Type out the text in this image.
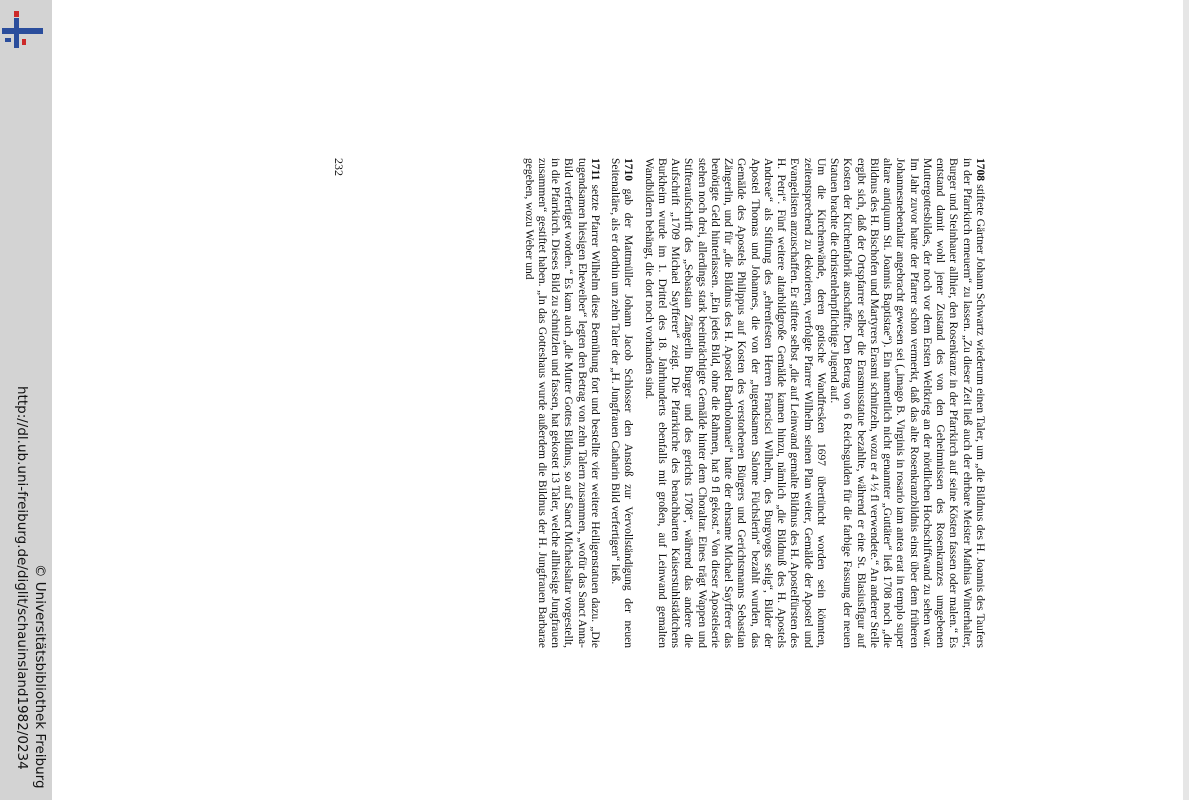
http://dl.ub.uni-freiburg.de/diglit/schauinsland1982/0234 © Universitätsbibliothek Freiburg

1708 stiftete Gärtner Johann Schwartz wiederum einen Taler, um „die Bildnus des H. Joannis des Taufers in der Pfarrkirch erneuern“ zu lassen. „Zu dieser Zeit ließ auch der ehrbare Meister Mathias Winterhalter, Burger und Steinhauer allhier, den Rosenkranz in der Pfarrkirch auf seine Kösten fassen oder malen.“ Es entstand damit wohl jener Zustand des von den Geheimnissen des Rosenkranzes umgebenen Muttergottesbildes, der noch vor dem Ersten Weltkrieg an der nördlichen Hochschiffwand zu sehen war. Im Jahr zuvor hatte der Pfarrer schon vermerkt, daß das alte Rosenkranzbildnis einst über dem früheren Johannesnebenaltar angebracht gewesen sei („imago B. Virginis in rosario iam antea erat in templo super altare antiquum Sti. Joannis Baptistae“). Ein namentlich nicht genannter „Guttäter“ ließ 1708 noch „die Bildnus des H. Bischofen und Martyrers Erasmi schnitzeln, wozu er 4 ½ fl verwendete.“ An anderer Stelle ergibt sich, daß der Ortspfarrer selber die Erasmusstatue bezahlte, während er eine St. Blasiusfigur auf Kosten der Kirchenfabrik anschaffte. Den Betrag von 6 Reichsgulden für die farbige Fassung der neuen Statuen brachte die christenlehrpflichtige Jugend auf.

Um die Kirchenwände, deren gotische Wandfresken 1697 übertüncht worden sein könnten, zeitentsprechend zu dekorieren, verfolgte Pfarrer Wilhelm seinen Plan weiter, Gemälde der Apostel und Evangelisten anzuschaffen. Er stiftete selbst „die auf Leinwand gemalte Bildnus des H. Apostelfürsten des H. Petri“. Fünf weitere altarbildgroße Gemälde kamen hinzu, nämlich „die Bildnuß des H. Apostels Andreae“ als Stiftung des „ehrenfesten Herren Francisci Wilhelm, des Burgvogts selig“, Bilder der Apostel Thomas und Johannes, die von der „tugendsamen Salome Füchslerin“ bezahlt wurden, das Gemälde des Apostels Philippus auf Kosten des verstorbenen Bürgers und Gerichtsmanns Sebastian Zängerlin, und für „die Bildnus des H. Apostel Bartholomaei“ hatte der ehrsame Michael Sayfferer das benötigte Geld hinterlassen. „Ein jedes Bild, ohne die Rahmen, hat 9 fl gekost.“ Von dieser Apostelserie stehen noch drei, allerdings stark beeinträchtigte Gemälde hinter dem Choraltar. Eines trägt Wappen und Stifteraufschrift des „Sebastian Zängerlin Burger und des gerichts 1708“, während das andere die Aufschrift „1709 Michael Sayfferer“ zeigt. Die Pfarrkirche des benachbarten Kaiserstuhlstädtchens Burkheim wurde im 1. Drittel des 18. Jahrhunderts ebenfalls mit großen, auf Leinwand gemalten Wandbildern behängt, die dort noch vorhanden sind.

1710 gab der Mattmüller Johann Jacob Schlosser den Anstoß zur Vervollständigung der neuen Seitenaltäre, als er dorthin um zehn Taler der „H. Jungfrauen Catharin Bild verfertigen“ ließ.

1711 setzte Pfarrer Wilhelm diese Bemühung fort und bestellte vier weitere Heiligenstatuen dazu. „Die tugendsamen hiesigen Eheweiber“ legten den Betrag von zehn Talern zusammen, „wofür das Sanct Anna-Bild verfertiget worden.“ Es kam auch „die Mutter Gottes Bildnus, so auf Sanct Michaelsaltar vorgestellt, in die Pfarrkirch. Dieses Bild zu schnitzlen und fassen, hat gekostet 13 Taler, welche allhiesige Jungfrauen zusammen“ gestiftet haben. „In das Gotteshaus wurde außerdem die Bildnus der H. Jungfrauen Barbarae gegeben, wozu Weber und

232
